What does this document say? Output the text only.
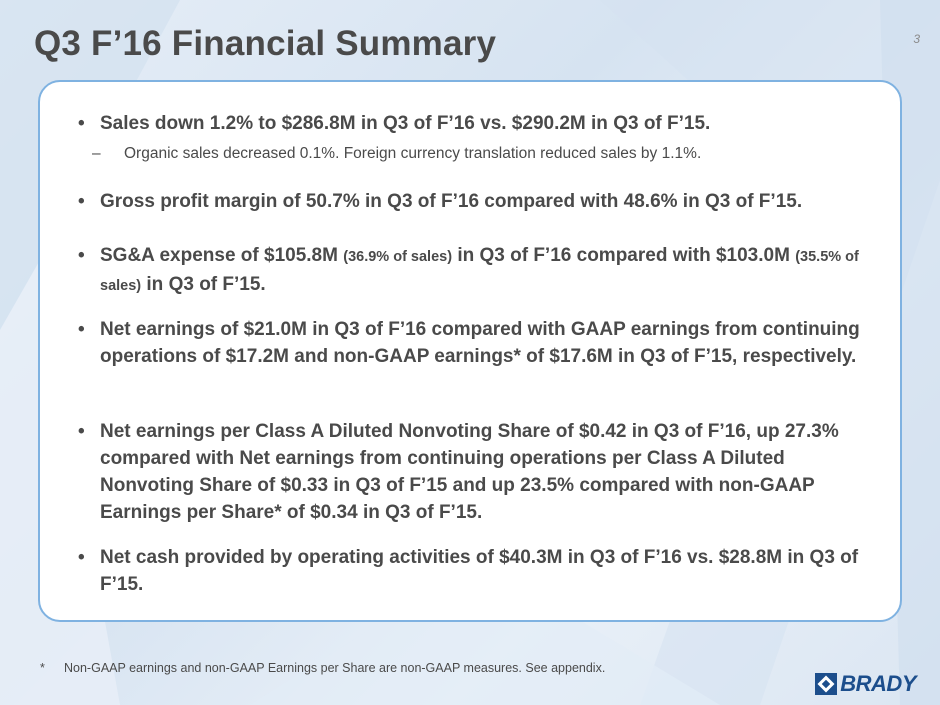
Q3 F’16 Financial Summary	3
• Sales down 1.2% to $286.8M in Q3 of F’16 vs. $290.2M in Q3 of F’15.
– Organic sales decreased 0.1%. Foreign currency translation reduced sales by 1.1%.
• Gross profit margin of 50.7% in Q3 of F’16 compared with 48.6% in Q3 of F’15.
• SG&A expense of $105.8M (36.9% of sales) in Q3 of F’16 compared with $103.0M (35.5% of sales) in Q3 of F’15.
• Net earnings of $21.0M in Q3 of F’16 compared with GAAP earnings from continuing operations of $17.2M and non-GAAP earnings* of $17.6M in Q3 of F’15, respectively.
• Net earnings per Class A Diluted Nonvoting Share of $0.42 in Q3 of F’16, up 27.3% compared with Net earnings from continuing operations per Class A Diluted Nonvoting Share of $0.33 in Q3 of F’15 and up 23.5% compared with non-GAAP Earnings per Share* of $0.34 in Q3 of F’15.
• Net cash provided by operating activities of $40.3M in Q3 of F’16 vs. $28.8M in Q3 of F’15.
* Non-GAAP earnings and non-GAAP Earnings per Share are non-GAAP measures. See appendix.
BRADY
